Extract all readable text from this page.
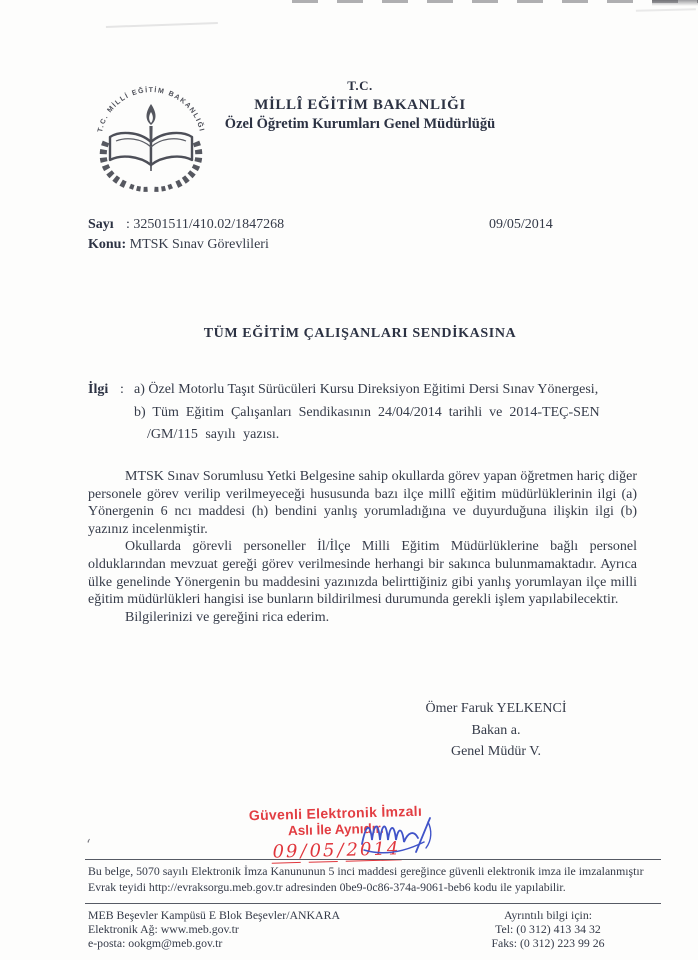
‘
T.C. MİLLİ EĞİTİM BAKANLIĞI
T.C.
MİLLÎ EĞİTİM BAKANLIĞI
Özel Öğretim Kurumları Genel Müdürlüğü
Sayı : 32501511/410.02/1847268
Konu: MTSK Sınav Görevlileri
09/05/2014
TÜM EĞİTİM ÇALIŞANLARI SENDİKASINA
İlgi : a) Özel Motorlu Taşıt Sürücüleri Kursu Direksiyon Eğitimi Dersi Sınav Yönergesi,
b) Tüm Eğitim Çalışanları Sendikasının 24/04/2014 tarihli ve 2014-TEÇ-SEN
/GM/115 sayılı yazısı.

MTSK Sınav Sorumlusu Yetki Belgesine sahip okullarda görev yapan öğretmen hariç diğer personele görev verilip verilmeyeceği hususunda bazı ilçe millî eğitim müdürlüklerinin ilgi (a) Yönergenin 6 ncı maddesi (h) bendini yanlış yorumladığına ve duyurduğuna ilişkin ilgi (b) yazınız incelenmiştir.

Okullarda görevli personeller İl/İlçe Milli Eğitim Müdürlüklerine bağlı personel olduklarından mevzuat gereği görev verilmesinde herhangi bir sakınca bulunmamaktadır. Ayrıca ülke genelinde Yönergenin bu maddesini yazınızda belirttiğiniz gibi yanlış yorumlayan ilçe milli eğitim müdürlükleri hangisi ise bunların bildirilmesi durumunda gerekli işlem yapılabilecektir.

Bilgilerinizi ve gereğini rica ederim.

Ömer Faruk YELKENCİ
Bakan a.
Genel Müdür V.
Güvenli Elektronik İmzalı
Aslı İle Aynıdır.
09/05/2014
Bu belge, 5070 sayılı Elektronik İmza Kanununun 5 inci maddesi gereğince güvenli elektronik imza ile imzalanmıştır
Evrak teyidi http://evraksorgu.meb.gov.tr adresinden 0be9-0c86-374a-9061-beb6 kodu ile yapılabilir.
MEB Beşevler Kampüsü E Blok Beşevler/ANKARA
Elektronik Ağ: www.meb.gov.tr
e-posta: ookgm@meb.gov.tr
Ayrıntılı bilgi için:
Tel: (0 312) 413 34 32
Faks: (0 312) 223 99 26
